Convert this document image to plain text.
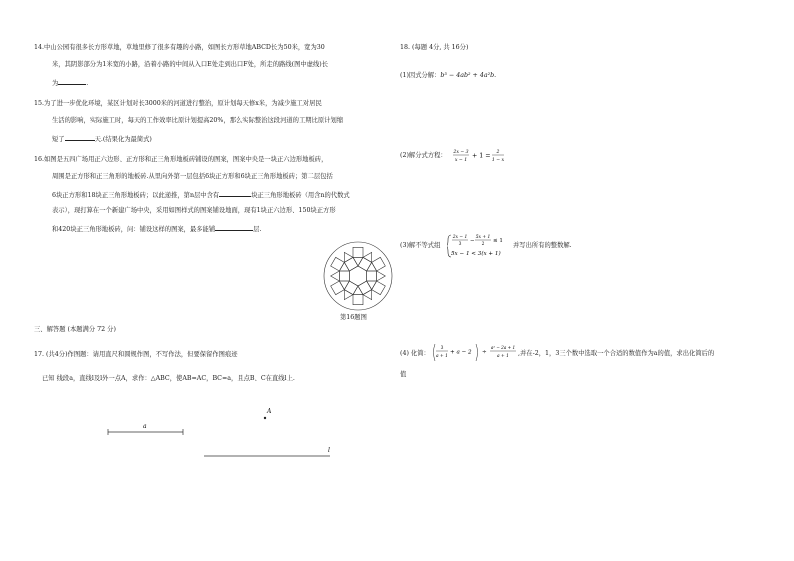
14.中山公园有很多长方形草地，草地里修了很多有趣的小路，如图长方形草地ABCD长为50米，宽为30
米，其阴影部分为1米宽的小路，沿着小路的中间从入口E处走到出口F处，所走的路线(图中虚线)长
为	.
15.为了进一步优化环境，某区计划对长3000米的河道进行整治，原计划每天修x米，为减少施工对居民
生活的影响，实际施工时，每天的工作效率比原计划提高20%，那么实际整治这段河道的工期比原计划缩
短了	天.(结果化为最简式)
16.如图是五四广场用正六边形、正方形和正三角形地板砖铺设的图案，图案中央是一块正六边形地板砖，
周围是正方形和正三角形的地板砖.从里向外第一层包括6块正方形和6块正三角形地板砖；第二层包括
6块正方形和18块正三角形地板砖；以此递推，第n层中含有	块正三角形地板砖（用含n的代数式
表示），现打算在一个新建广场中央，采用如图样式的图案铺设地面，现有1块正六边形、150块正方形
和420块正三角形地板砖，问：铺设这样的图案，最多能铺	层.
第16题图
三、解答题 (本题满分 72 分)
17. (共4分)作图题：请用直尺和圆规作图，不写作法，但要保留作图痕迹
已知 线段a，直线l及l外一点A，求作：△ABC，使AB=AC，BC=a，且点B、C在直线l上.
a
A
l
18. (每题 4分, 共 16分)
(1)因式分解：b³ − 4ab² + 4a²b.
(2)解分式方程： 2x − 3
x − 1
+ 1 = 2
1 − x
(3)解不等式组
2x − 1
3
−
5x + 1
2
≤ 1
5x − 1 < 3(x + 1)
并写出所有的整数解.
(4) 化简：
3
a + 1
+ a − 2 ÷
a² − 2a + 1
a + 1 ,并在-2，1，3三个数中选取一个合适的数值作为a的值，求出化简后的
值
